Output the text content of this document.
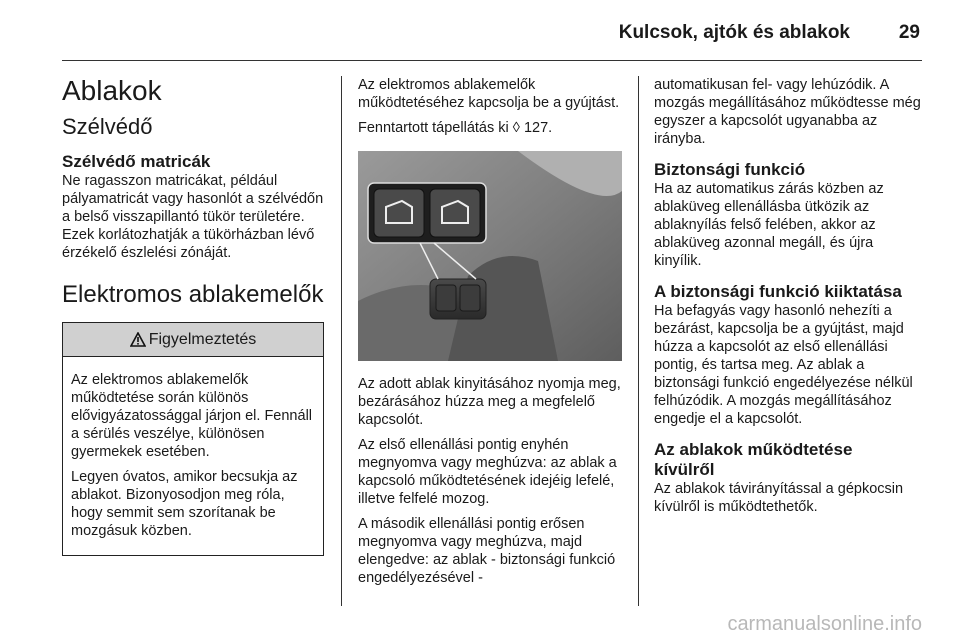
Kulcsok, ajtók és ablakok	29
Ablakok
Szélvédő
Szélvédő matricák

Ne ragasszon matricákat, például pályamatricát vagy hasonlót a szélvédőn a belső visszapillantó tükör területére. Ezek korlátozhatják a tükörházban lévő érzékelő észlelési zónáját.

Elektromos ablakemelők
Figyelmeztetés

Az elektromos ablakemelők működtetése során különös elővigyázatossággal járjon el. Fennáll a sérülés veszélye, különösen gyermekek esetében.

Legyen óvatos, amikor becsukja az ablakot. Bizonyosodjon meg róla, hogy semmit sem szorítanak be mozgásuk közben.

Az elektromos ablakemelők működtetéséhez kapcsolja be a gyújtást.

Fenntartott tápellátás ki ◊ 127.

Az adott ablak kinyitásához nyomja meg, bezárásához húzza meg a megfelelő kapcsolót.

Az első ellenállási pontig enyhén megnyomva vagy meghúzva: az ablak a kapcsoló működtetésének idejéig lefelé, illetve felfelé mozog.

A második ellenállási pontig erősen megnyomva vagy meghúzva, majd elengedve: az ablak - biztonsági funkció engedélyezésével -

automatikusan fel- vagy lehúzódik. A mozgás megállításához működtesse még egyszer a kapcsolót ugyanabba az irányba.

Biztonsági funkció

Ha az automatikus zárás közben az ablaküveg ellenállásba ütközik az ablaknyílás felső felében, akkor az ablaküveg azonnal megáll, és újra kinyílik.

A biztonsági funkció kiiktatása

Ha befagyás vagy hasonló nehezíti a bezárást, kapcsolja be a gyújtást, majd húzza a kapcsolót az első ellenállási pontig, és tartsa meg. Az ablak a biztonsági funkció engedélyezése nélkül felhúzódik. A mozgás megállításához engedje el a kapcsolót.

Az ablakok működtetése kívülről

Az ablakok távirányítással a gépkocsin kívülről is működtethetők.

carmanualsonline.info
